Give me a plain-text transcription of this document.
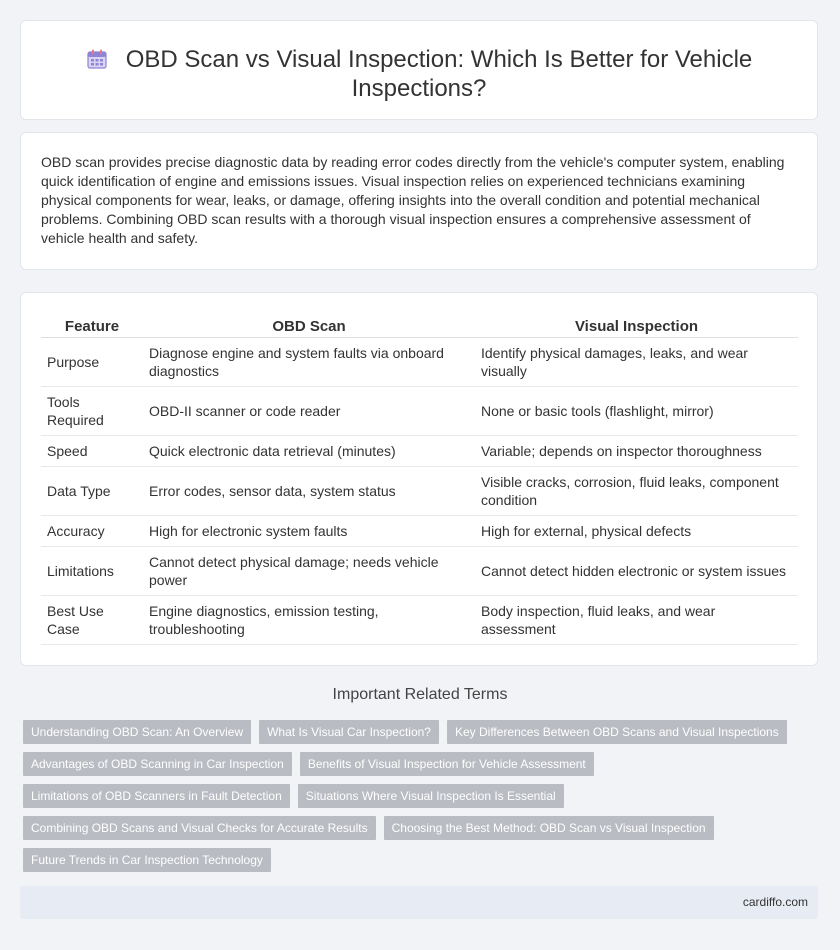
OBD Scan vs Visual Inspection: Which Is Better for Vehicle Inspections?

OBD scan provides precise diagnostic data by reading error codes directly from the vehicle's computer system, enabling quick identification of engine and emissions issues. Visual inspection relies on experienced technicians examining physical components for wear, leaks, or damage, offering insights into the overall condition and potential mechanical problems. Combining OBD scan results with a thorough visual inspection ensures a comprehensive assessment of vehicle health and safety.

Feature	OBD Scan	Visual Inspection
Purpose	Diagnose engine and system faults via onboard diagnostics	Identify physical damages, leaks, and wear visually
Tools Required	OBD-II scanner or code reader	None or basic tools (flashlight, mirror)
Speed	Quick electronic data retrieval (minutes)	Variable; depends on inspector thoroughness
Data Type	Error codes, sensor data, system status	Visible cracks, corrosion, fluid leaks, component condition
Accuracy	High for electronic system faults	High for external, physical defects
Limitations	Cannot detect physical damage; needs vehicle power	Cannot detect hidden electronic or system issues
Best Use Case	Engine diagnostics, emission testing, troubleshooting	Body inspection, fluid leaks, and wear assessment
Important Related Terms
Understanding OBD Scan: An Overview	What Is Visual Car Inspection?	Key Differences Between OBD Scans and Visual Inspections
Advantages of OBD Scanning in Car Inspection	Benefits of Visual Inspection for Vehicle Assessment
Limitations of OBD Scanners in Fault Detection	Situations Where Visual Inspection Is Essential
Combining OBD Scans and Visual Checks for Accurate Results	Choosing the Best Method: OBD Scan vs Visual Inspection
Future Trends in Car Inspection Technology
cardiffo.com
